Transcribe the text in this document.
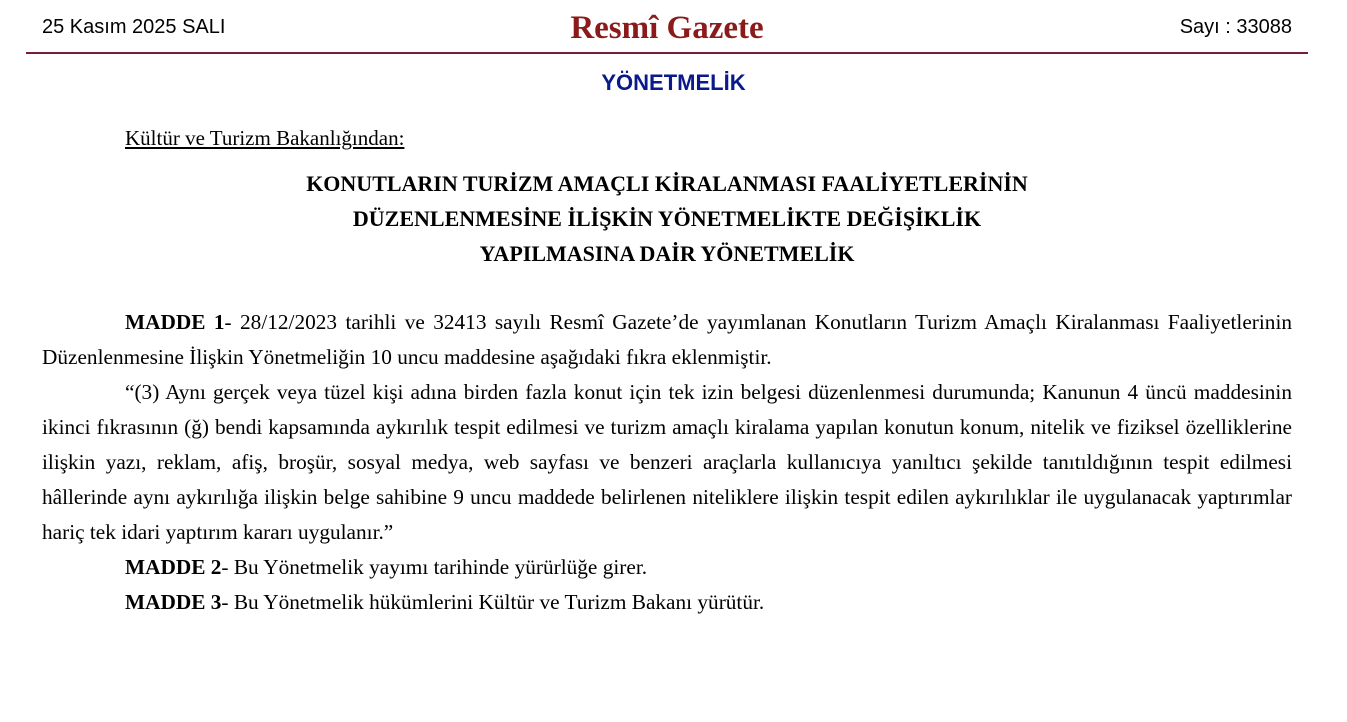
25 Kasım 2025 SALI	Resmî Gazete	Sayı : 33088
YÖNETMELİK
Kültür ve Turizm Bakanlığından:
KONUTLARIN TURİZM AMAÇLI KİRALANMASI FAALİYETLERİNİN
DÜZENLENMESİNE İLİŞKİN YÖNETMELİKTE DEĞİŞİKLİK
YAPILMASINA DAİR YÖNETMELİK

MADDE 1- 28/12/2023 tarihli ve 32413 sayılı Resmî Gazete’de yayımlanan Konutların Turizm Amaçlı Kiralanması Faaliyetlerinin Düzenlenmesine İlişkin Yönetmeliğin 10 uncu maddesine aşağıdaki fıkra eklenmiştir.

“(3) Aynı gerçek veya tüzel kişi adına birden fazla konut için tek izin belgesi düzenlenmesi durumunda; Kanunun 4 üncü maddesinin ikinci fıkrasının (ğ) bendi kapsamında aykırılık tespit edilmesi ve turizm amaçlı kiralama yapılan konutun konum, nitelik ve fiziksel özelliklerine ilişkin yazı, reklam, afiş, broşür, sosyal medya, web sayfası ve benzeri araçlarla kullanıcıya yanıltıcı şekilde tanıtıldığının tespit edilmesi hâllerinde aynı aykırılığa ilişkin belge sahibine 9 uncu maddede belirlenen niteliklere ilişkin tespit edilen aykırılıklar ile uygulanacak yaptırımlar hariç tek idari yaptırım kararı uygulanır.”

MADDE 2- Bu Yönetmelik yayımı tarihinde yürürlüğe girer.

MADDE 3- Bu Yönetmelik hükümlerini Kültür ve Turizm Bakanı yürütür.
